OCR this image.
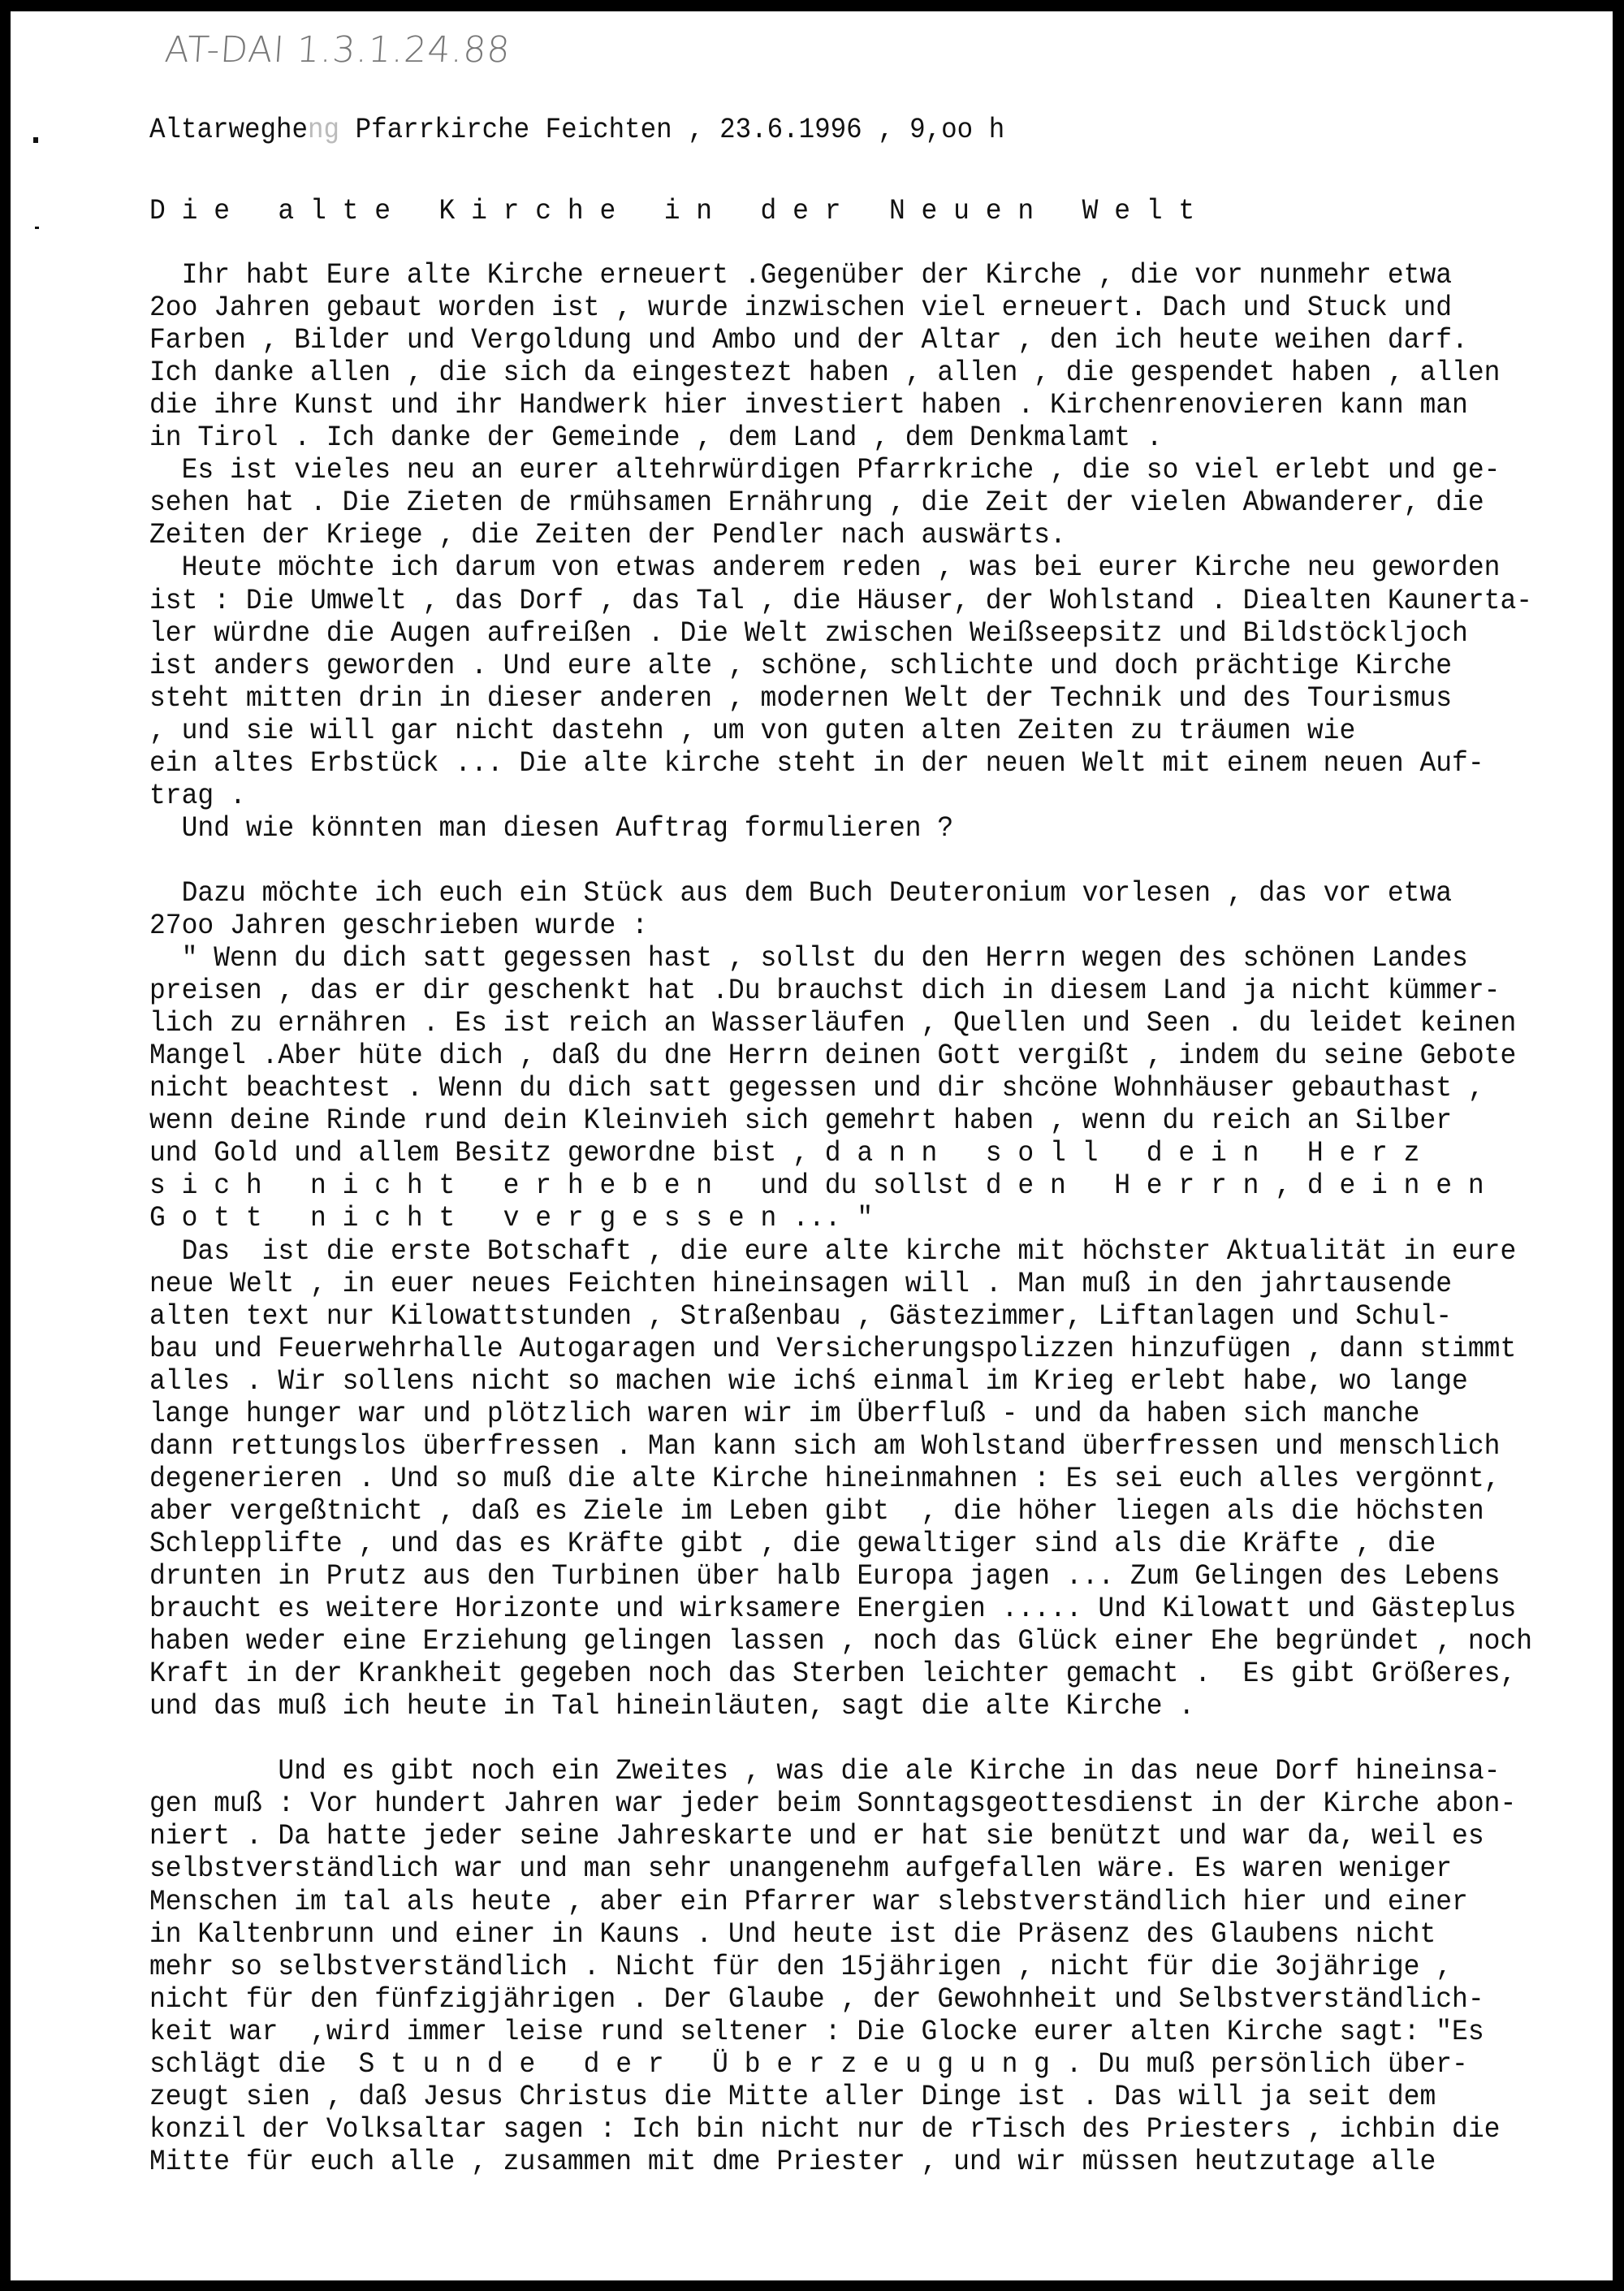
AT-DAI 1.3.1.24.88
Altarwegheng Pfarrkirche Feichten , 23.6.1996 , 9,oo h
D i e   a l t e   K i r c h e   i n   d e r   N e u e n   W e l t
Ihr habt Eure alte Kirche erneuert .Gegenüber der Kirche , die vor nunmehr etwa
2oo Jahren gebaut worden ist , wurde inzwischen viel erneuert. Dach und Stuck und
Farben , Bilder und Vergoldung und Ambo und der Altar , den ich heute weihen darf.
Ich danke allen , die sich da eingestezt haben , allen , die gespendet haben , allen
die ihre Kunst und ihr Handwerk hier investiert haben . Kirchenrenovieren kann man
in Tirol . Ich danke der Gemeinde , dem Land , dem Denkmalamt .
Es ist vieles neu an eurer altehrwürdigen Pfarrkriche , die so viel erlebt und ge-
sehen hat . Die Zieten de rmühsamen Ernährung , die Zeit der vielen Abwanderer, die
Zeiten der Kriege , die Zeiten der Pendler nach auswärts.
Heute möchte ich darum von etwas anderem reden , was bei eurer Kirche neu geworden
ist : Die Umwelt , das Dorf , das Tal , die Häuser, der Wohlstand . Diealten Kaunerta-
ler würdne die Augen aufreißen . Die Welt zwischen Weißseepsitz und Bildstöckljoch
ist anders geworden . Und eure alte , schöne, schlichte und doch prächtige Kirche
steht mitten drin in dieser anderen , modernen Welt der Technik und des Tourismus
, und sie will gar nicht dastehn , um von guten alten Zeiten zu träumen wie
ein altes Erbstück ... Die alte kirche steht in der neuen Welt mit einem neuen Auf-
trag .
Und wie könnten man diesen Auftrag formulieren ?
Dazu möchte ich euch ein Stück aus dem Buch Deuteronium vorlesen , das vor etwa
27oo Jahren geschrieben wurde :
" Wenn du dich satt gegessen hast , sollst du den Herrn wegen des schönen Landes
preisen , das er dir geschenkt hat .Du brauchst dich in diesem Land ja nicht kümmer-
lich zu ernähren . Es ist reich an Wasserläufen , Quellen und Seen . du leidet keinen
Mangel .Aber hüte dich , daß du dne Herrn deinen Gott vergißt , indem du seine Gebote
nicht beachtest . Wenn du dich satt gegessen und dir shcöne Wohnhäuser gebauthast ,
wenn deine Rinde rund dein Kleinvieh sich gemehrt haben , wenn du reich an Silber
und Gold und allem Besitz gewordne bist , d a n n   s o l l   d e i n   H e r z
s i c h   n i c h t   e r h e b e n   und du sollst d e n   H e r r n , d e i n e n
G o t t   n i c h t   v e r g e s s e n ... "
Das  ist die erste Botschaft , die eure alte kirche mit höchster Aktualität in eure
neue Welt , in euer neues Feichten hineinsagen will . Man muß in den jahrtausende
alten text nur Kilowattstunden , Straßenbau , Gästezimmer, Liftanlagen und Schul-
bau und Feuerwehrhalle Autogaragen und Versicherungspolizzen hinzufügen , dann stimmt
alles . Wir sollens nicht so machen wie ichś einmal im Krieg erlebt habe, wo lange
lange hunger war und plötzlich waren wir im Überfluß - und da haben sich manche
dann rettungslos überfressen . Man kann sich am Wohlstand überfressen und menschlich
degenerieren . Und so muß die alte Kirche hineinmahnen : Es sei euch alles vergönnt,
aber vergeßtnicht , daß es Ziele im Leben gibt  , die höher liegen als die höchsten
Schlepplifte , und das es Kräfte gibt , die gewaltiger sind als die Kräfte , die
drunten in Prutz aus den Turbinen über halb Europa jagen ... Zum Gelingen des Lebens
braucht es weitere Horizonte und wirksamere Energien ..... Und Kilowatt und Gästeplus
haben weder eine Erziehung gelingen lassen , noch das Glück einer Ehe begründet , noch
Kraft in der Krankheit gegeben noch das Sterben leichter gemacht .  Es gibt Größeres,
und das muß ich heute in Tal hineinläuten, sagt die alte Kirche .
Und es gibt noch ein Zweites , was die ale Kirche in das neue Dorf hineinsa-
gen muß : Vor hundert Jahren war jeder beim Sonntagsgeottesdienst in der Kirche abon-
niert . Da hatte jeder seine Jahreskarte und er hat sie benützt und war da, weil es
selbstverständlich war und man sehr unangenehm aufgefallen wäre. Es waren weniger
Menschen im tal als heute , aber ein Pfarrer war slebstverständlich hier und einer
in Kaltenbrunn und einer in Kauns . Und heute ist die Präsenz des Glaubens nicht
mehr so selbstverständlich . Nicht für den 15jährigen , nicht für die 3ojährige ,
nicht für den fünfzigjährigen . Der Glaube , der Gewohnheit und Selbstverständlich-
keit war  ,wird immer leise rund seltener : Die Glocke eurer alten Kirche sagt: "Es
schlägt die  S t u n d e   d e r   Ü b e r z e u g u n g . Du muß persönlich über-
zeugt sien , daß Jesus Christus die Mitte aller Dinge ist . Das will ja seit dem
konzil der Volksaltar sagen : Ich bin nicht nur de rTisch des Priesters , ichbin die
Mitte für euch alle , zusammen mit dme Priester , und wir müssen heutzutage alle
